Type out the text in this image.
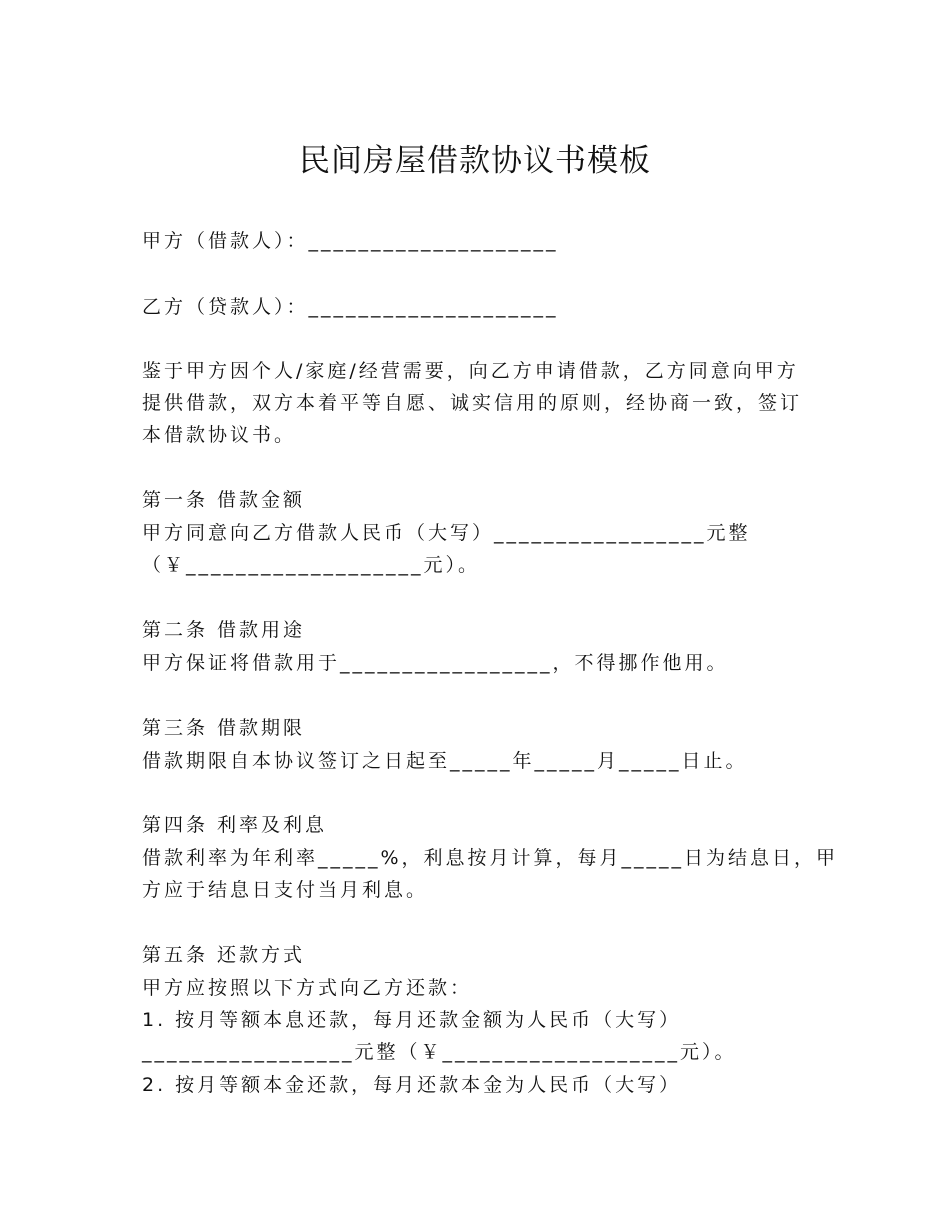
民间房屋借款协议书模板
甲方（借款人）：____________________
乙方（贷款人）：____________________
鉴于甲方因个人/家庭/经营需要，向乙方申请借款，乙方同意向甲方
提供借款，双方本着平等自愿、诚实信用的原则，经协商一致，签订
本借款协议书。
第一条 借款金额
甲方同意向乙方借款人民币（大写）_________________元整
（￥___________________元）。
第二条 借款用途
甲方保证将借款用于_________________，不得挪作他用。
第三条 借款期限
借款期限自本协议签订之日起至_____年_____月_____日止。
第四条 利率及利息
借款利率为年利率_____%，利息按月计算，每月_____日为结息日，甲
方应于结息日支付当月利息。
第五条 还款方式
甲方应按照以下方式向乙方还款：
1. 按月等额本息还款，每月还款金额为人民币（大写）
_________________元整（￥___________________元）。
2. 按月等额本金还款，每月还款本金为人民币（大写）
